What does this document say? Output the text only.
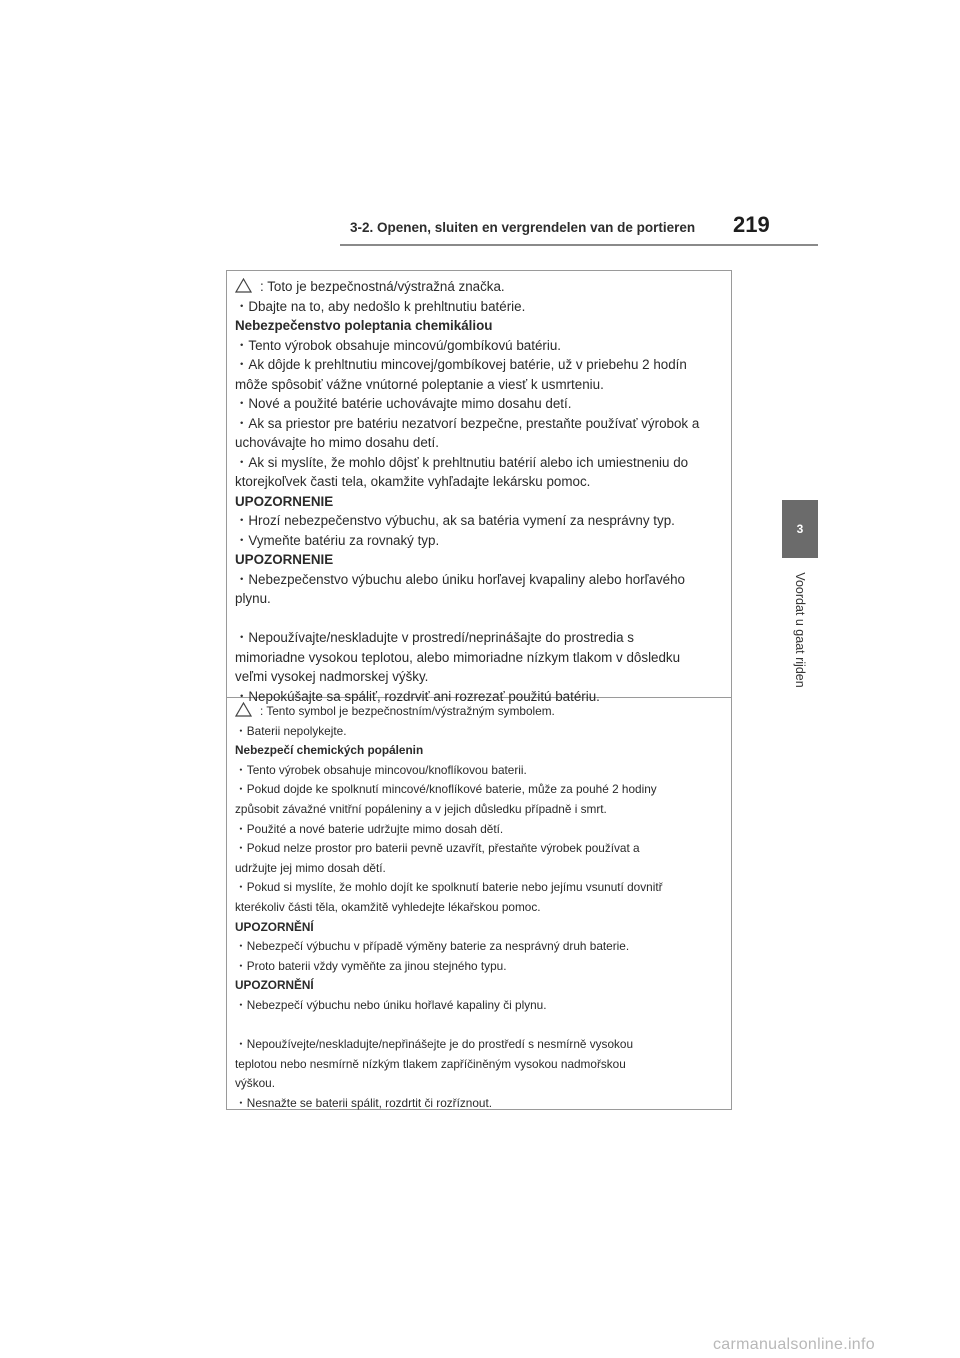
3-2. Openen, sluiten en vergrendelen van de portieren 219
3
Voordat u gaat rijden
: Toto je bezpečnostná/výstražná značka.
・Dbajte na to, aby nedošlo k prehltnutiu batérie.
Nebezpečenstvo poleptania chemikáliou
・Tento výrobok obsahuje mincovú/gombíkovú batériu.
・Ak dôjde k prehltnutiu mincovej/gombíkovej batérie, už v priebehu 2 hodín
môže spôsobiť vážne vnútorné poleptanie a viesť k usmrteniu.
・Nové a použité batérie uchovávajte mimo dosahu detí.
・Ak sa priestor pre batériu nezatvorí bezpečne, prestaňte používať výrobok a
uchovávajte ho mimo dosahu detí.
・Ak si myslíte, že mohlo dôjsť k prehltnutiu batérií alebo ich umiestneniu do
ktorejkoľvek časti tela, okamžite vyhľadajte lekársku pomoc.
UPOZORNENIE
・Hrozí nebezpečenstvo výbuchu, ak sa batéria vymení za nesprávny typ.
・Vymeňte batériu za rovnaký typ.
UPOZORNENIE
・Nebezpečenstvo výbuchu alebo úniku horľavej kvapaliny alebo horľavého
plynu.
・Nepoužívajte/neskladujte v prostredí/neprinášajte do prostredia s
mimoriadne vysokou teplotou, alebo mimoriadne nízkym tlakom v dôsledku
veľmi vysokej nadmorskej výšky.
・Nepokúšajte sa spáliť, rozdrviť ani rozrezať použitú batériu.
: Tento symbol je bezpečnostním/výstražným symbolem.
・Baterii nepolykejte.
Nebezpečí chemických popálenin
・Tento výrobek obsahuje mincovou/knoflíkovou baterii.
・Pokud dojde ke spolknutí mincové/knoflíkové baterie, může za pouhé 2 hodiny
způsobit závažné vnitřní popáleniny a v jejich důsledku případně i smrt.
・Použité a nové baterie udržujte mimo dosah dětí.
・Pokud nelze prostor pro baterii pevně uzavřít, přestaňte výrobek používat a
udržujte jej mimo dosah dětí.
・Pokud si myslíte, že mohlo dojít ke spolknutí baterie nebo jejímu vsunutí dovnitř
kterékoliv části těla, okamžitě vyhledejte lékařskou pomoc.
UPOZORNĚNÍ
・Nebezpečí výbuchu v případě výměny baterie za nesprávný druh baterie.
・Proto baterii vždy vyměňte za jinou stejného typu.
UPOZORNĚNÍ
・Nebezpečí výbuchu nebo úniku hořlavé kapaliny či plynu.
・Nepoužívejte/neskladujte/nepřinášejte je do prostředí s nesmírně vysokou
teplotou nebo nesmírně nízkým tlakem zapříčiněným vysokou nadmořskou
výškou.
・Nesnažte se baterii spálit, rozdrtit či rozříznout.
carmanualsonline.info
